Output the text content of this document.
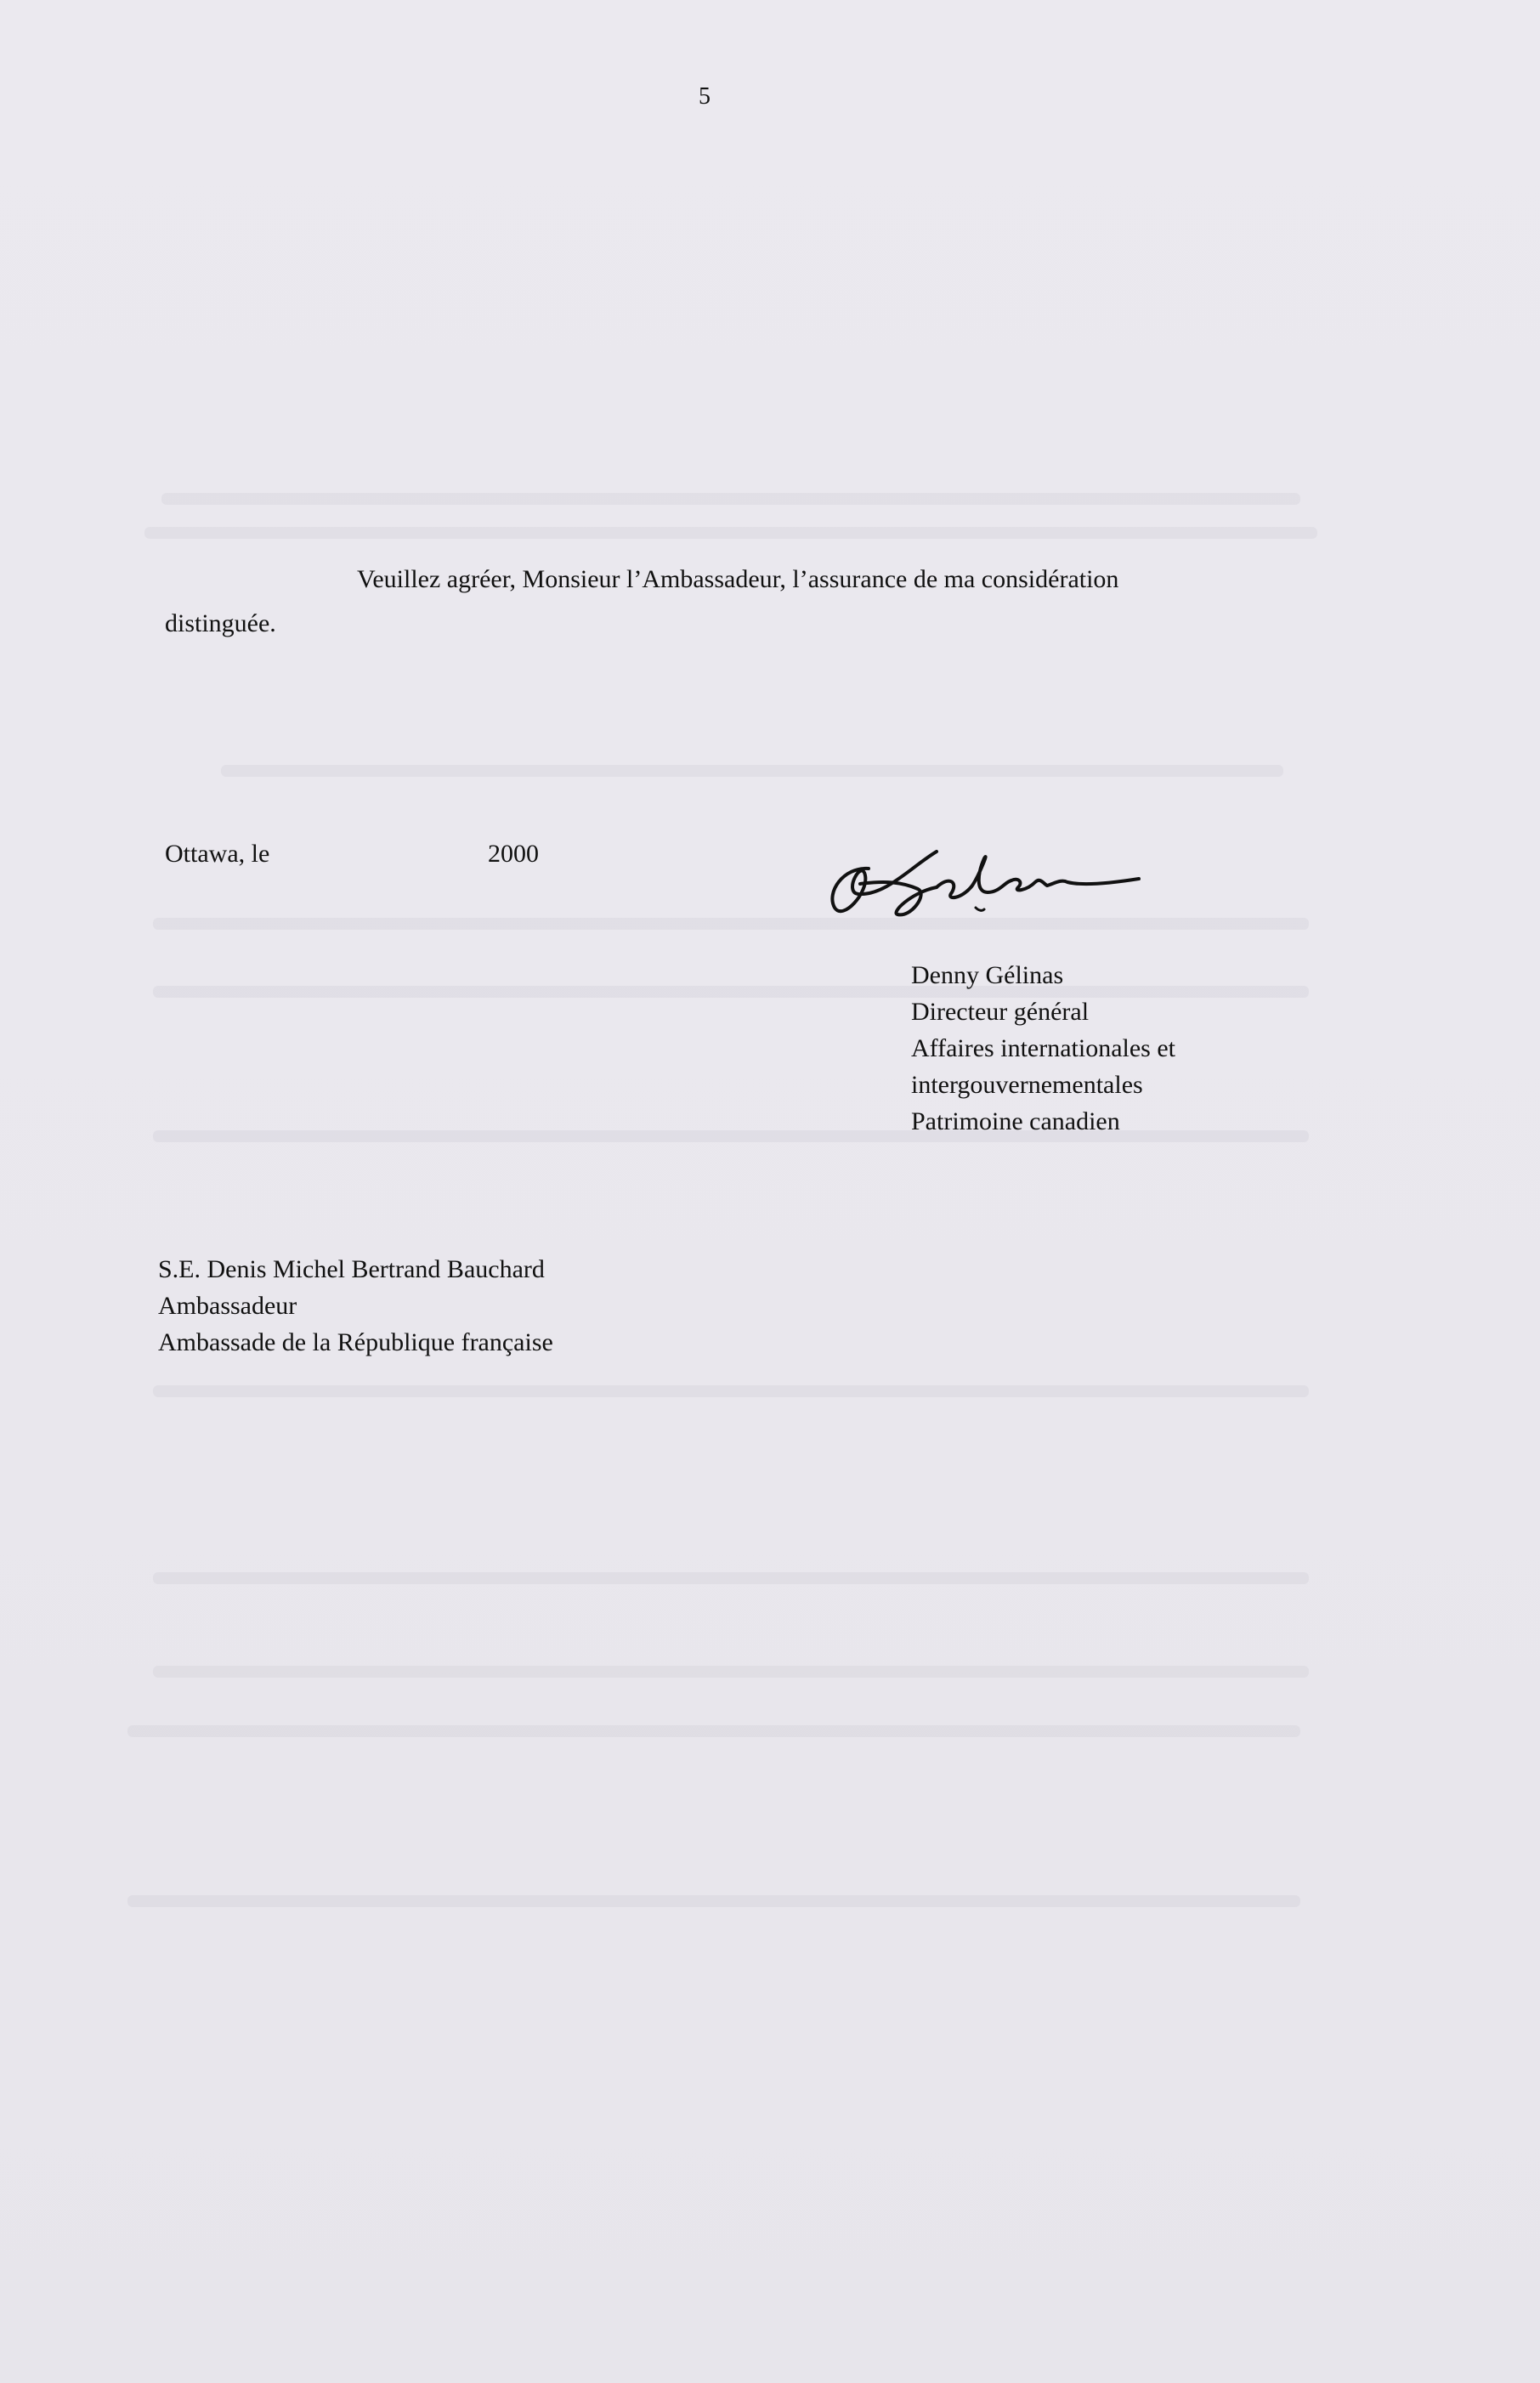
5
Veuillez agréer, Monsieur l’Ambassadeur, l’assurance de ma considération
distinguée.
Ottawa, le	2000
Denny Gélinas
Directeur général
Affaires internationales et
intergouvernementales
Patrimoine canadien
S.E. Denis Michel Bertrand Bauchard
Ambassadeur
Ambassade de la République française
